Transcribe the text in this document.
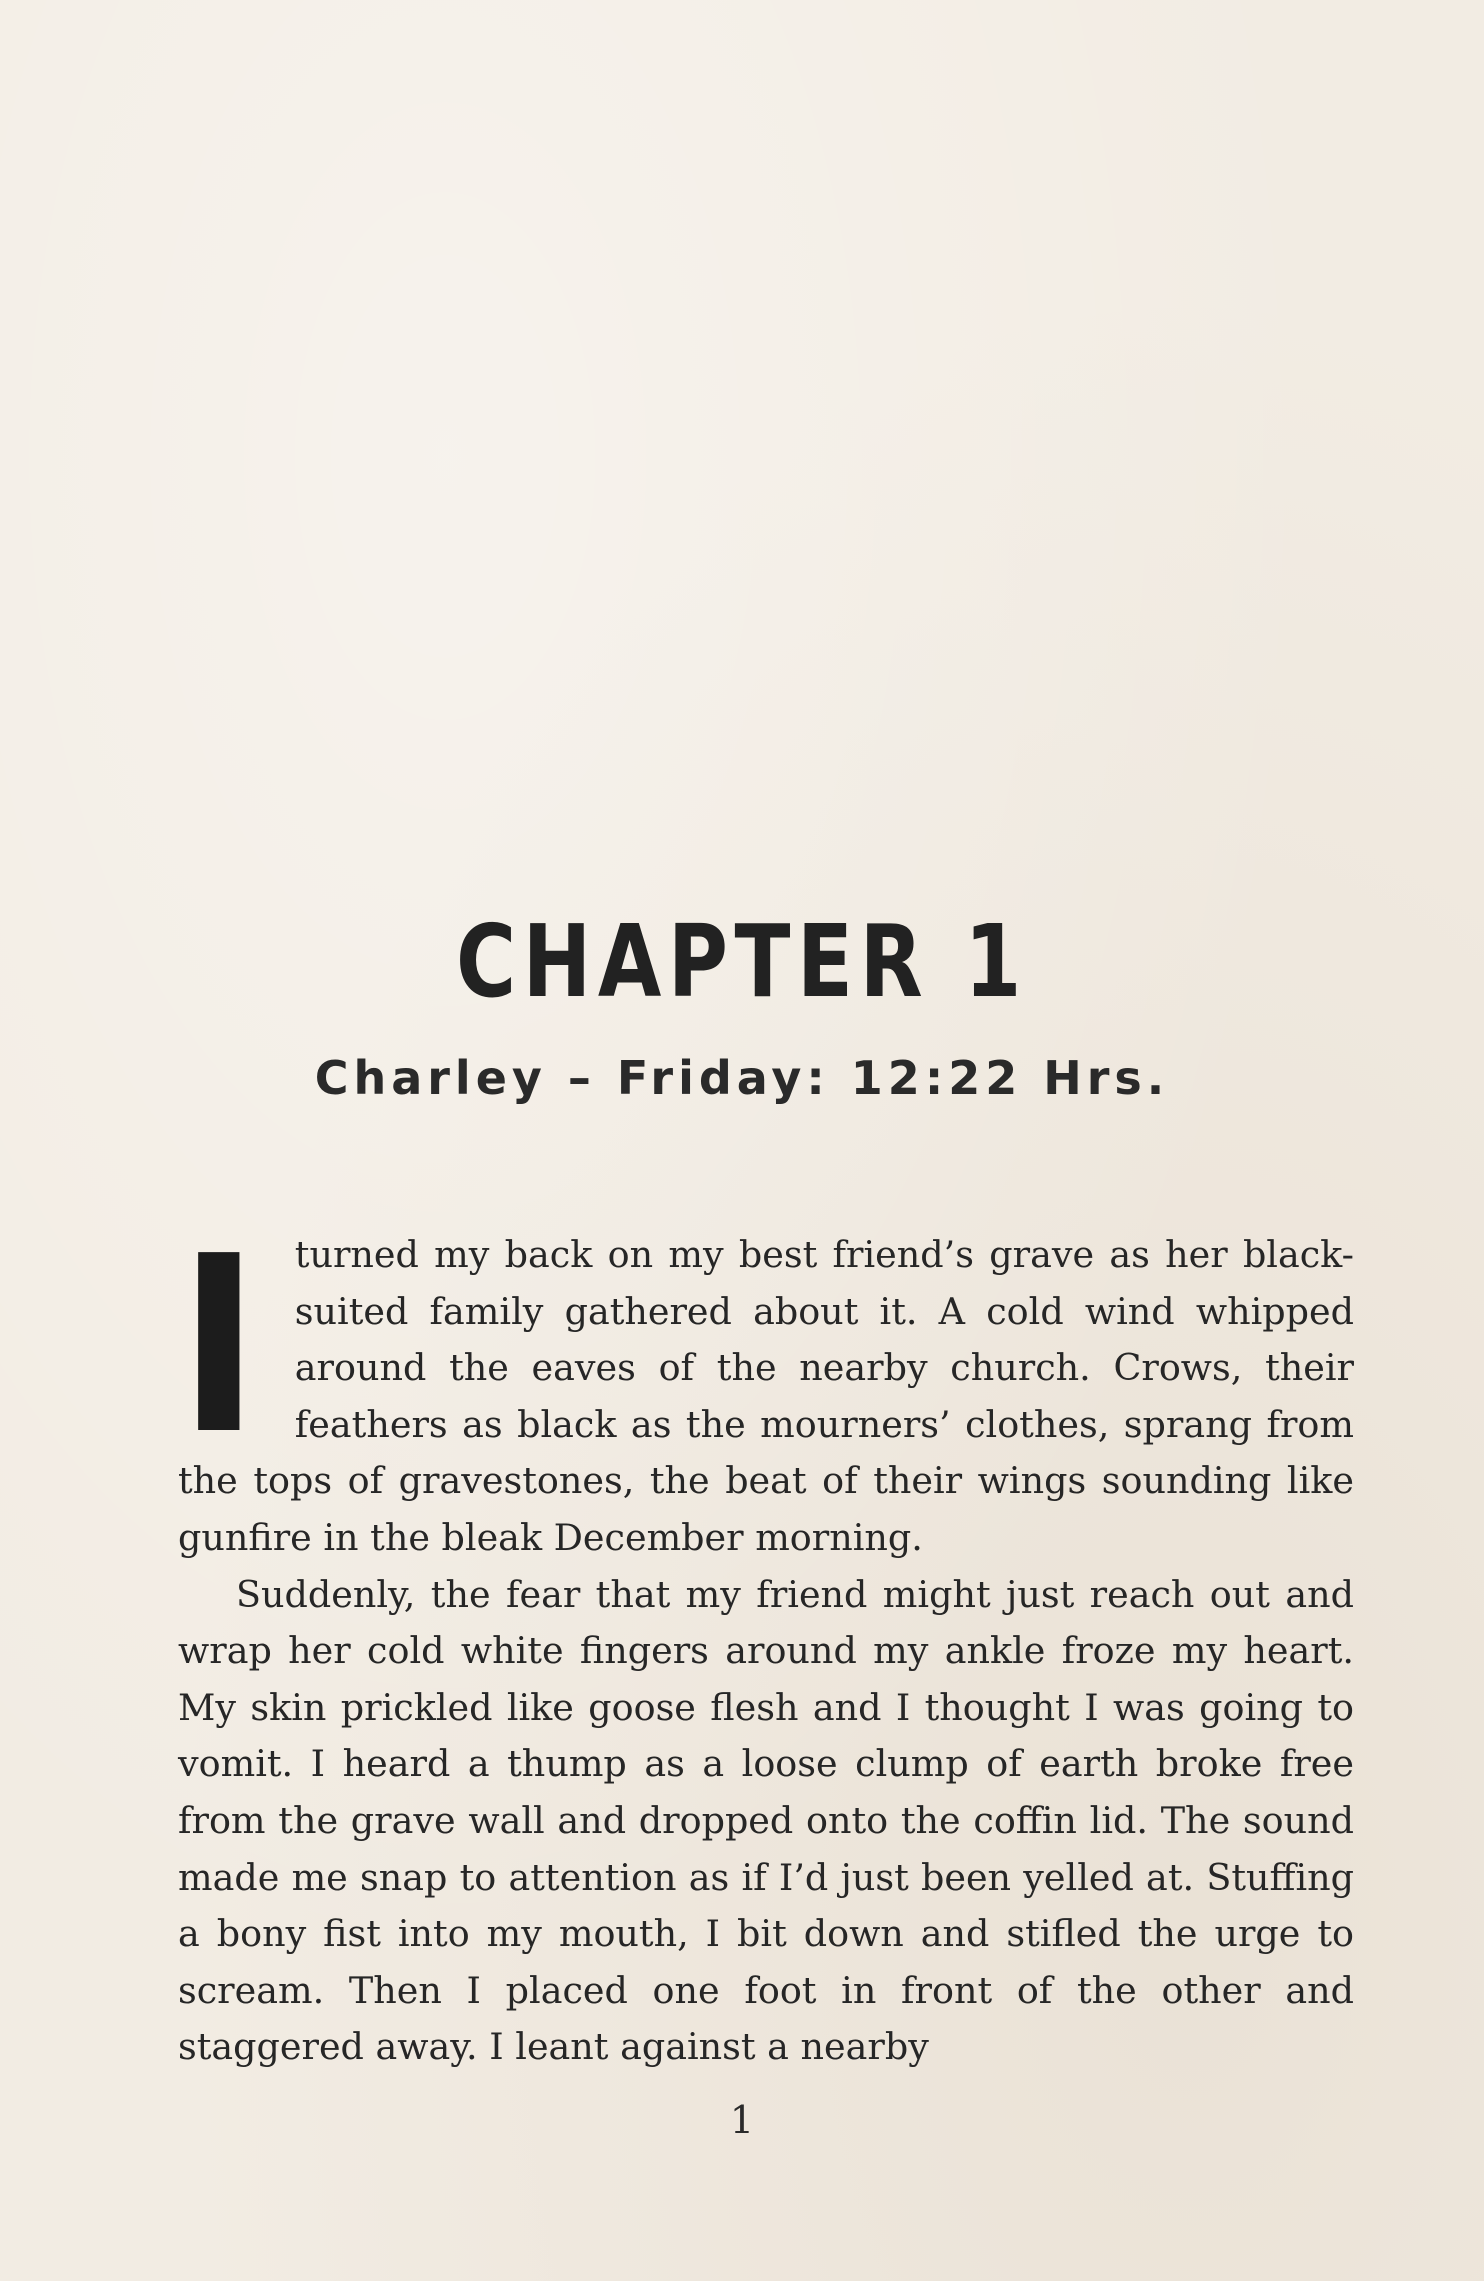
CHAPTER 1
Charley – Friday: 12:22 Hrs.

Iturned my back on my best friend’s grave as her black-suited family gathered about it. A cold wind whipped around the eaves of the nearby church. Crows, their feathers as black as the mourners’ clothes, sprang from the tops of gravestones, the beat of their wings sounding like gunfire in the bleak December morning.

Suddenly, the fear that my friend might just reach out and wrap her cold white fingers around my ankle froze my heart. My skin prickled like goose flesh and I thought I was going to vomit. I heard a thump as a loose clump of earth broke free from the grave wall and dropped onto the coffin lid. The sound made me snap to attention as if I’d just been yelled at. Stuffing a bony fist into my mouth, I bit down and stifled the urge to scream. Then I placed one foot in front of the other and staggered away. I leant against a nearby

1
